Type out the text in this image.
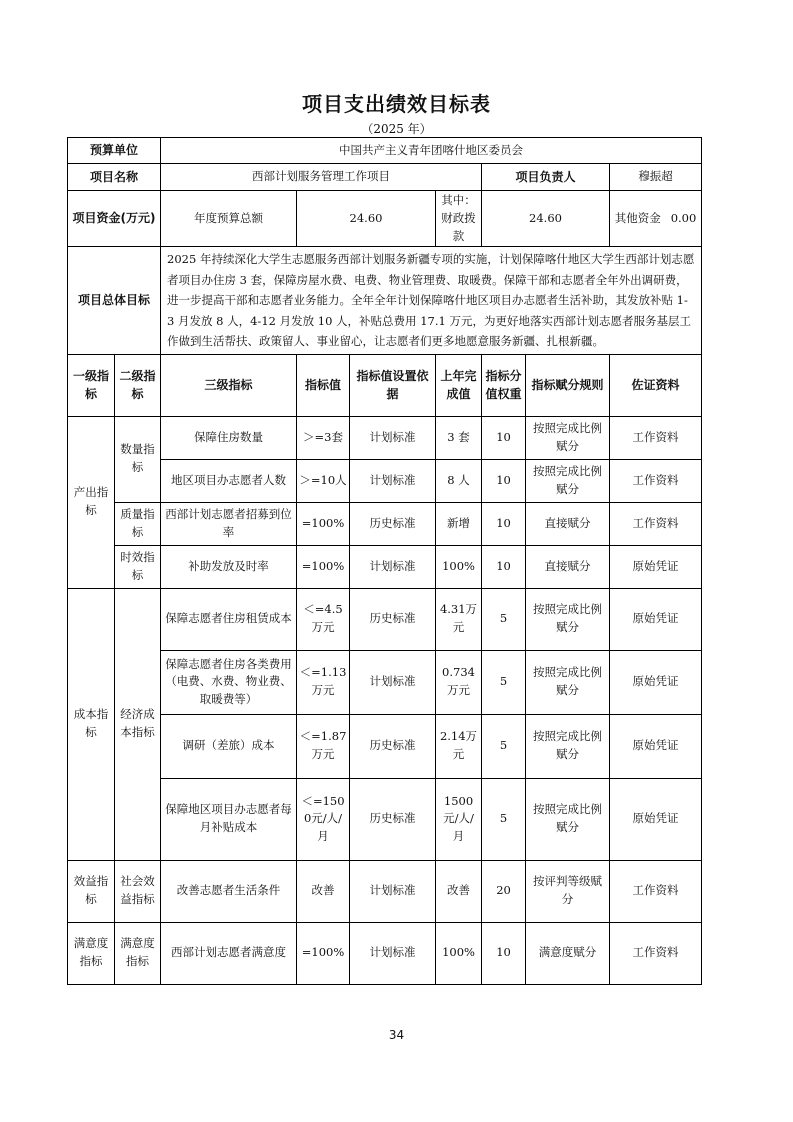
项目支出绩效目标表
（2025 年）
预算单位		中国共产主义青年团喀什地区委员会						
项目名称		西部计划服务管理工作项目				项目负责人		穆振超
项目资金(万元)		年度预算总额	24.60		其中：财政拨款	24.60		其他资金 0.00
项目总体目标		2025 年持续深化大学生志愿服务西部计划服务新疆专项的实施，计划保障喀什地区大学生西部计划志愿者项目办住房 3 套，保障房屋水费、电费、物业管理费、取暖费。保障干部和志愿者全年外出调研费，进一步提高干部和志愿者业务能力。全年全年计划保障喀什地区项目办志愿者生活补助，其发放补贴 1-3 月发放 8 人，4-12 月发放 10 人，补贴总费用 17.1 万元，为更好地落实西部计划志愿者服务基层工作做到生活帮扶、政策留人、事业留心，让志愿者们更多地愿意服务新疆、扎根新疆。						
一级指标	二级指标	三级指标	指标值	指标值设置依据	上年完成值	指标分值权重	指标赋分规则	佐证资料
产出指标	数量指标	保障住房数量	＞=3套	计划标准	3 套	10	按照完成比例赋分	工作资料
		地区项目办志愿者人数	＞=10人	计划标准	8 人	10	按照完成比例赋分	工作资料
	质量指标	西部计划志愿者招募到位率	=100%	历史标准	新增	10	直接赋分	工作资料
	时效指标	补助发放及时率	=100%	计划标准	100%	10	直接赋分	原始凭证
成本指标	经济成本指标	保障志愿者住房租赁成本	＜=4.5万元	历史标准	4.31万元	5	按照完成比例赋分	原始凭证
		保障志愿者住房各类费用（电费、水费、物业费、取暖费等）	＜=1.13万元	计划标准	0.734万元	5	按照完成比例赋分	原始凭证
		调研（差旅）成本	＜=1.87万元	历史标准	2.14万元	5	按照完成比例赋分	原始凭证
		保障地区项目办志愿者每月补贴成本	＜=1500元/人/月	历史标准	1500元/人/月	5	按照完成比例赋分	原始凭证
效益指标	社会效益指标	改善志愿者生活条件	改善	计划标准	改善	20	按评判等级赋分	工作资料
满意度指标	满意度指标	西部计划志愿者满意度	=100%	计划标准	100%	10	满意度赋分	工作资料
34
